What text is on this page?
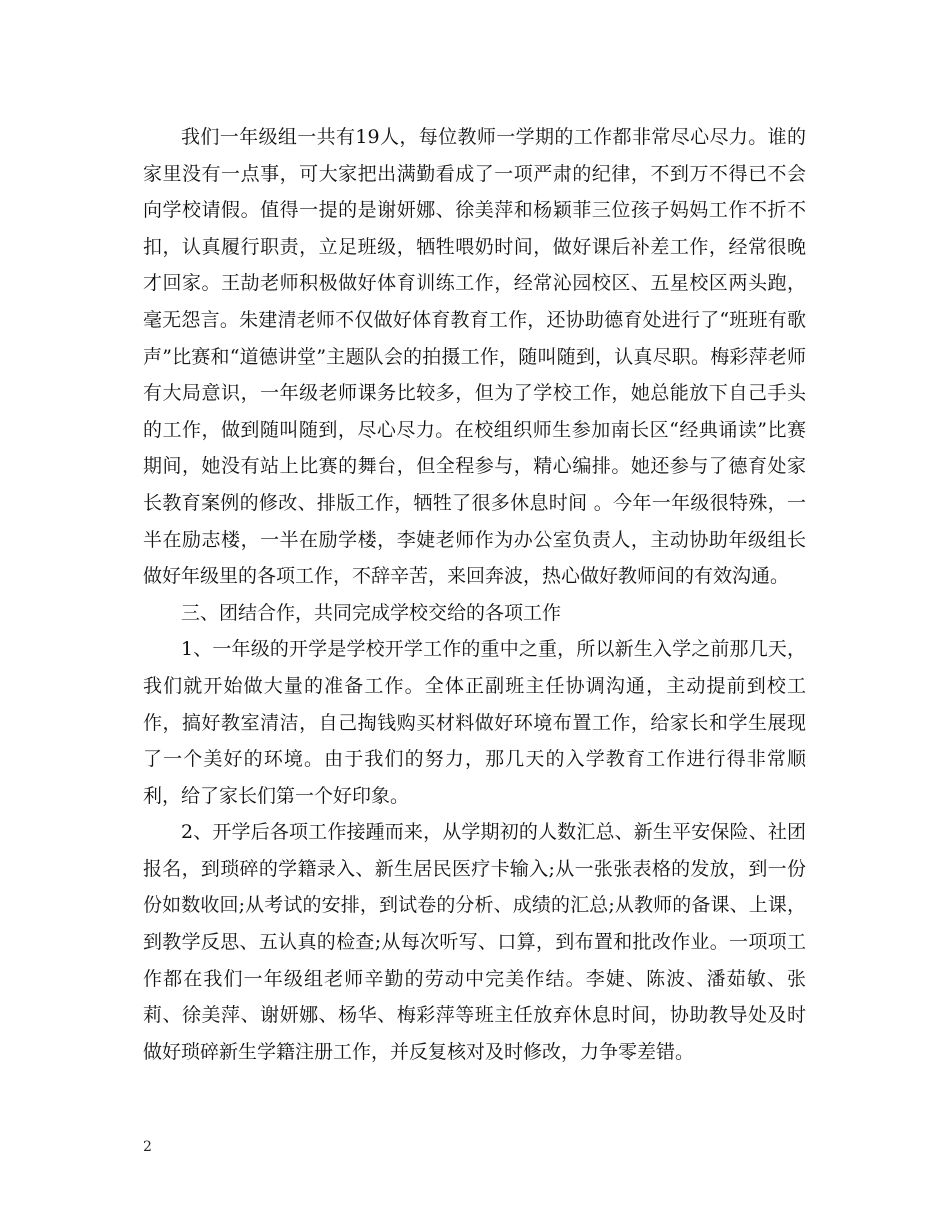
我们一年级组一共有19人，每位教师一学期的工作都非常尽心尽力。谁的家里没有一点事，可大家把出满勤看成了一项严肃的纪律，不到万不得已不会向学校请假。值得一提的是谢妍娜、徐美萍和杨颖菲三位孩子妈妈工作不折不扣，认真履行职责，立足班级，牺牲喂奶时间，做好课后补差工作，经常很晚才回家。王劼老师积极做好体育训练工作，经常沁园校区、五星校区两头跑，毫无怨言。朱建清老师不仅做好体育教育工作，还协助德育处进行了“班班有歌声”比赛和“道德讲堂”主题队会的拍摄工作，随叫随到，认真尽职。梅彩萍老师有大局意识，一年级老师课务比较多，但为了学校工作，她总能放下自己手头的工作，做到随叫随到，尽心尽力。在校组织师生参加南长区“经典诵读”比赛期间，她没有站上比赛的舞台，但全程参与，精心编排。她还参与了德育处家长教育案例的修改、排版工作，牺牲了很多休息时间 。今年一年级很特殊，一半在励志楼，一半在励学楼，李婕老师作为办公室负责人，主动协助年级组长做好年级里的各项工作，不辞辛苦，来回奔波，热心做好教师间的有效沟通。

三、团结合作，共同完成学校交给的各项工作

1、一年级的开学是学校开学工作的重中之重，所以新生入学之前那几天，我们就开始做大量的准备工作。全体正副班主任协调沟通，主动提前到校工作，搞好教室清洁，自己掏钱购买材料做好环境布置工作，给家长和学生展现了一个美好的环境。由于我们的努力，那几天的入学教育工作进行得非常顺利，给了家长们第一个好印象。

2、开学后各项工作接踵而来，从学期初的人数汇总、新生平安保险、社团报名，到琐碎的学籍录入、新生居民医疗卡输入;从一张张表格的发放，到一份份如数收回;从考试的安排，到试卷的分析、成绩的汇总;从教师的备课、上课，到教学反思、五认真的检查;从每次听写、口算，到布置和批改作业。一项项工作都在我们一年级组老师辛勤的劳动中完美作结。李婕、陈波、潘茹敏、张莉、徐美萍、谢妍娜、杨华、梅彩萍等班主任放弃休息时间，协助教导处及时做好琐碎新生学籍注册工作，并反复核对及时修改，力争零差错。

2
